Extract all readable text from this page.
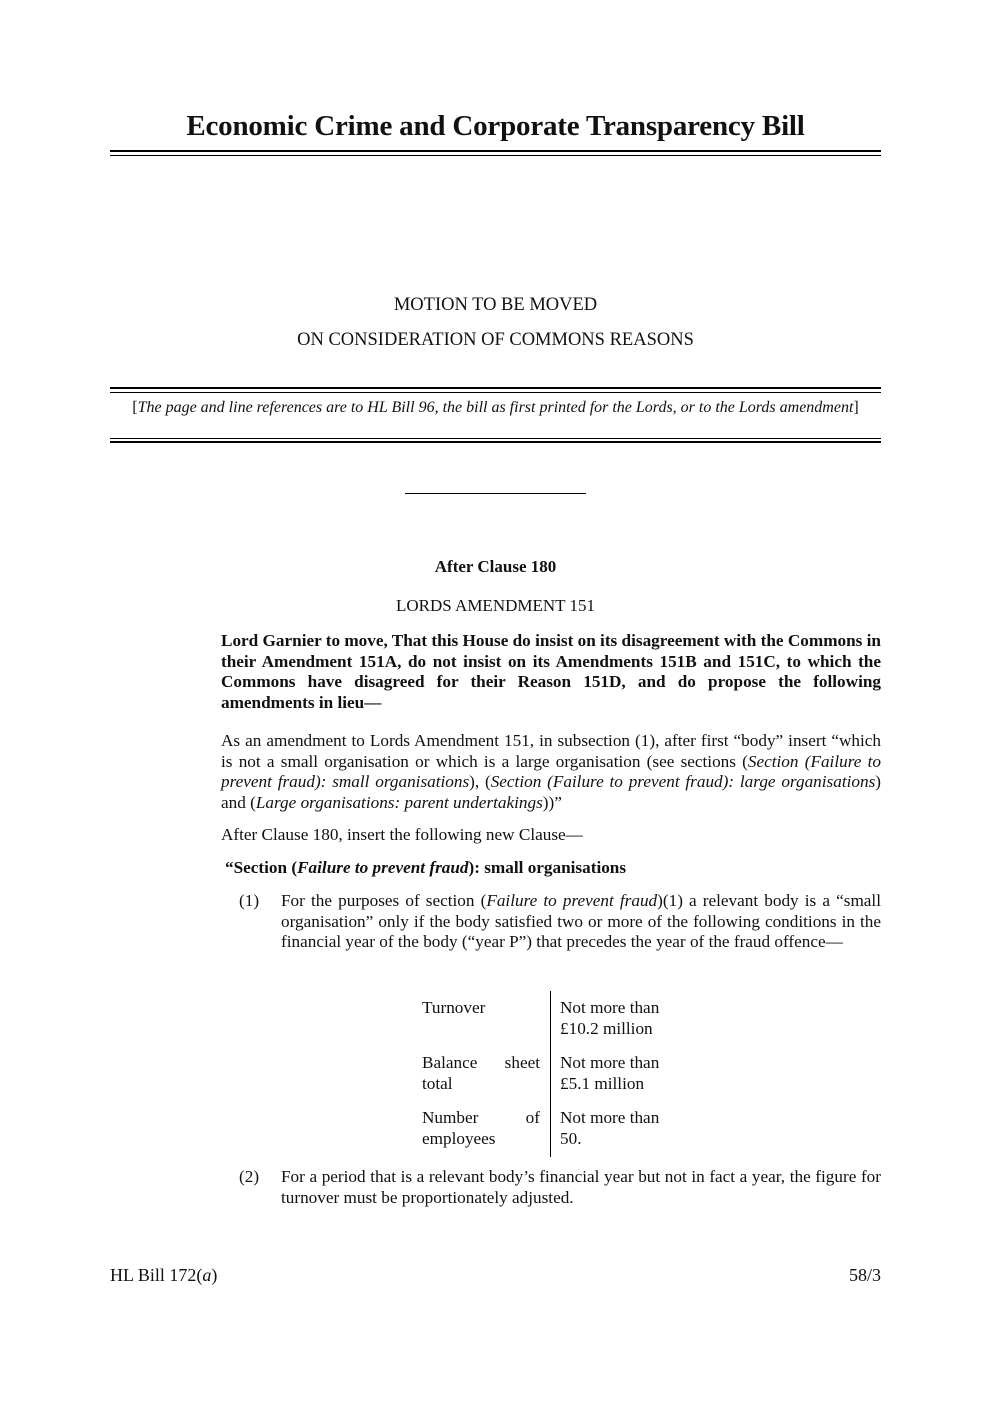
Economic Crime and Corporate Transparency Bill
MOTION TO BE MOVED
ON CONSIDERATION OF COMMONS REASONS
[The page and line references are to HL Bill 96, the bill as first printed for the Lords, or to the Lords amendment]
After Clause 180
LORDS AMENDMENT 151
Lord Garnier to move, That this House do insist on its disagreement with the Commons in their Amendment 151A, do not insist on its Amendments 151B and 151C, to which the Commons have disagreed for their Reason 151D, and do propose the following amendments in lieu—
As an amendment to Lords Amendment 151, in subsection (1), after first “body” insert “which is not a small organisation or which is a large organisation (see sections (Section (Failure to prevent fraud): small organisations), (Section (Failure to prevent fraud): large organisations) and (Large organisations: parent undertakings))”
After Clause 180, insert the following new Clause—
“Section (Failure to prevent fraud): small organisations
(1) For the purposes of section (Failure to prevent fraud)(1) a relevant body is a “small organisation” only if the body satisfied two or more of the following conditions in the financial year of the body (“year P”) that precedes the year of the fraud offence—
Turnover	Not more than
£10.2 million
Balance sheet
total
Not more than
£5.1 million
Number of
employees
Not more than
50.
(2) For a period that is a relevant body’s financial year but not in fact a year, the figure for turnover must be proportionately adjusted.
HL Bill 172(a)	58/3
